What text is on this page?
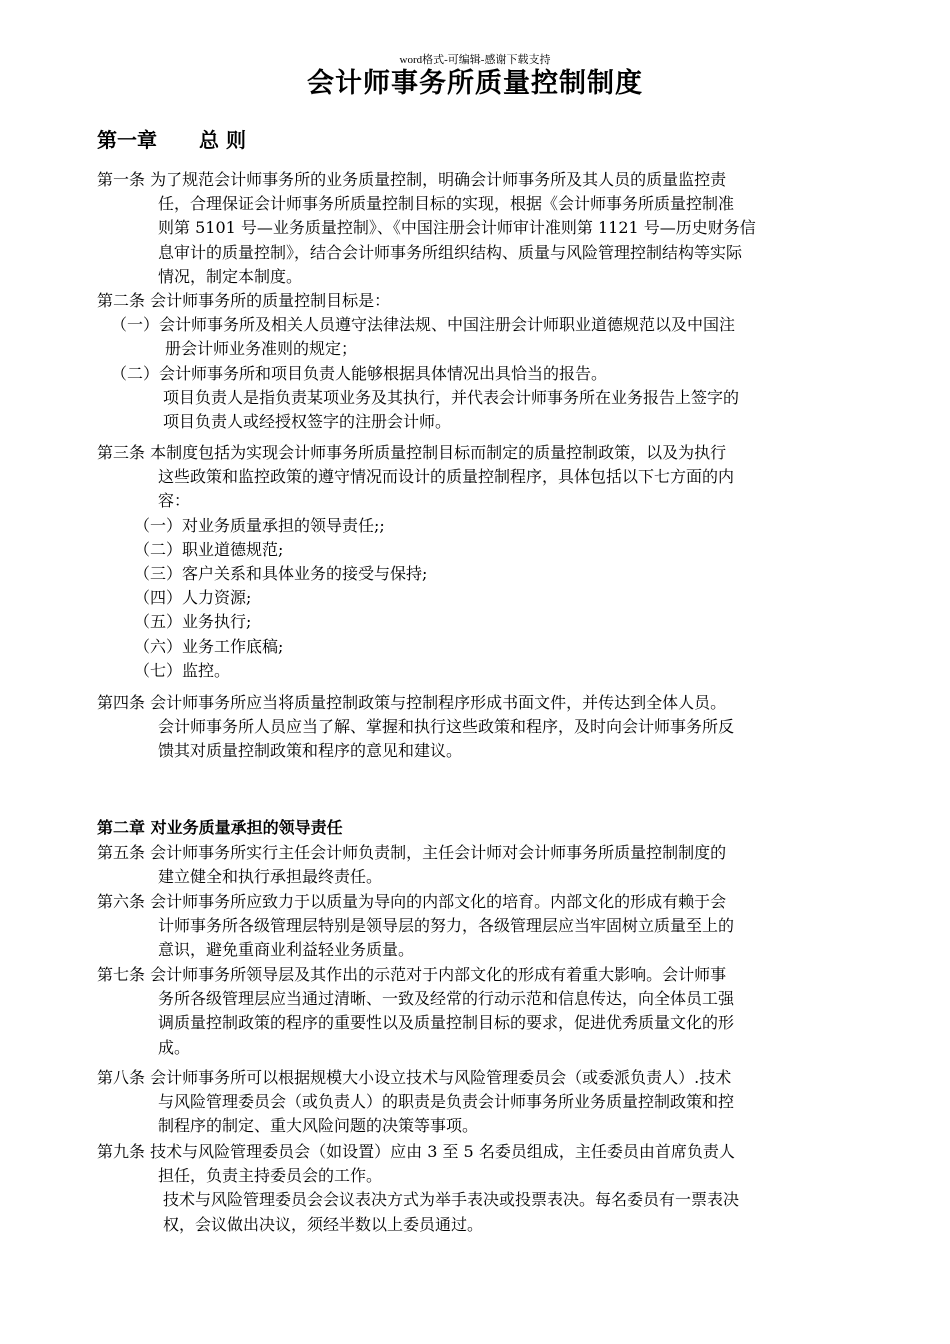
word格式-可编辑-感谢下载支持
会计师事务所质量控制制度
第一章 总 则

第一条 为了规范会计师事务所的业务质量控制，明确会计师事务所及其人员的质量监控责

任，合理保证会计师事务所质量控制目标的实现，根据《会计师事务所质量控制准

则第 5101 号—业务质量控制》、《中国注册会计师审计准则第 1121 号—历史财务信

息审计的质量控制》，结合会计师事务所组织结构、质量与风险管理控制结构等实际

情况，制定本制度。

第二条 会计师事务所的质量控制目标是：

（一）会计师事务所及相关人员遵守法律法规、中国注册会计师职业道德规范以及中国注

册会计师业务准则的规定；

（二）会计师事务所和项目负责人能够根据具体情况出具恰当的报告。

项目负责人是指负责某项业务及其执行，并代表会计师事务所在业务报告上签字的

项目负责人或经授权签字的注册会计师。

第三条 本制度包括为实现会计师事务所质量控制目标而制定的质量控制政策，以及为执行

这些政策和监控政策的遵守情况而设计的质量控制程序，具体包括以下七方面的内

容：

（一）对业务质量承担的领导责任;;

（二）职业道德规范;

（三）客户关系和具体业务的接受与保持;

（四）人力资源;

（五）业务执行;

（六）业务工作底稿;

（七）监控。

第四条 会计师事务所应当将质量控制政策与控制程序形成书面文件，并传达到全体人员。

会计师事务所人员应当了解、掌握和执行这些政策和程序，及时向会计师事务所反

馈其对质量控制政策和程序的意见和建议。

第二章 对业务质量承担的领导责任

第五条 会计师事务所实行主任会计师负责制，主任会计师对会计师事务所质量控制制度的

建立健全和执行承担最终责任。

第六条 会计师事务所应致力于以质量为导向的内部文化的培育。内部文化的形成有赖于会

计师事务所各级管理层特别是领导层的努力，各级管理层应当牢固树立质量至上的

意识，避免重商业利益轻业务质量。

第七条 会计师事务所领导层及其作出的示范对于内部文化的形成有着重大影响。会计师事

务所各级管理层应当通过清晰、一致及经常的行动示范和信息传达，向全体员工强

调质量控制政策的程序的重要性以及质量控制目标的要求，促进优秀质量文化的形

成。

第八条 会计师事务所可以根据规模大小设立技术与风险管理委员会（或委派负责人）.技术

与风险管理委员会（或负责人）的职责是负责会计师事务所业务质量控制政策和控

制程序的制定、重大风险问题的决策等事项。

第九条 技术与风险管理委员会（如设置）应由 3 至 5 名委员组成，主任委员由首席负责人

担任，负责主持委员会的工作。

技术与风险管理委员会会议表决方式为举手表决或投票表决。每名委员有一票表决

权，会议做出决议，须经半数以上委员通过。
